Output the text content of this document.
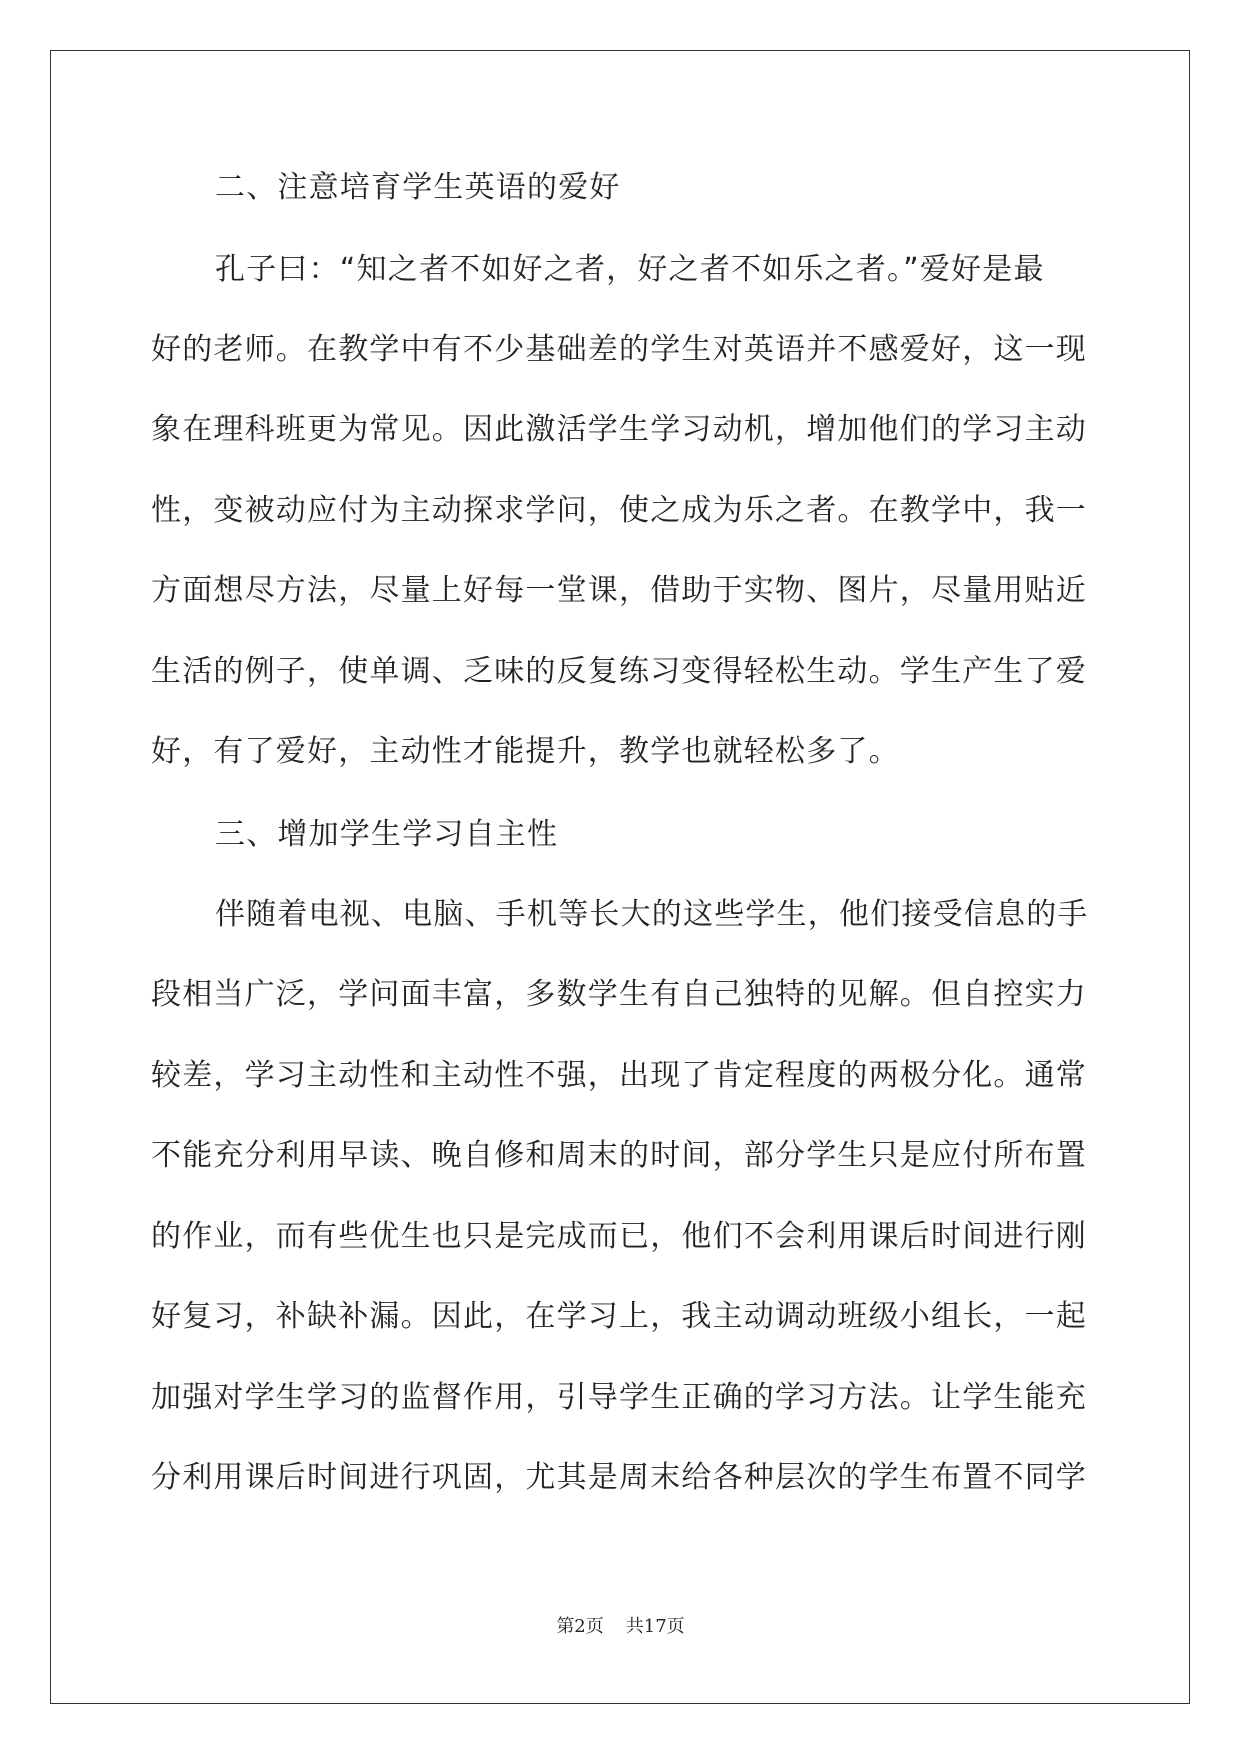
二、注意培育学生英语的爱好
孔子曰：“知之者不如好之者，好之者不如乐之者。”爱好是最
好的老师。在教学中有不少基础差的学生对英语并不感爱好，这一现
象在理科班更为常见。因此激活学生学习动机，增加他们的学习主动
性，变被动应付为主动探求学问，使之成为乐之者。在教学中，我一
方面想尽方法，尽量上好每一堂课，借助于实物、图片，尽量用贴近
生活的例子，使单调、乏味的反复练习变得轻松生动。学生产生了爱
好，有了爱好，主动性才能提升，教学也就轻松多了。
三、增加学生学习自主性
伴随着电视、电脑、手机等长大的这些学生，他们接受信息的手
段相当广泛，学问面丰富，多数学生有自己独特的见解。但自控实力
较差，学习主动性和主动性不强，出现了肯定程度的两极分化。通常
不能充分利用早读、晚自修和周末的时间，部分学生只是应付所布置
的作业，而有些优生也只是完成而已，他们不会利用课后时间进行刚
好复习，补缺补漏。因此，在学习上，我主动调动班级小组长，一起
加强对学生学习的监督作用，引导学生正确的学习方法。让学生能充
分利用课后时间进行巩固，尤其是周末给各种层次的学生布置不同学
第2页 共17页
